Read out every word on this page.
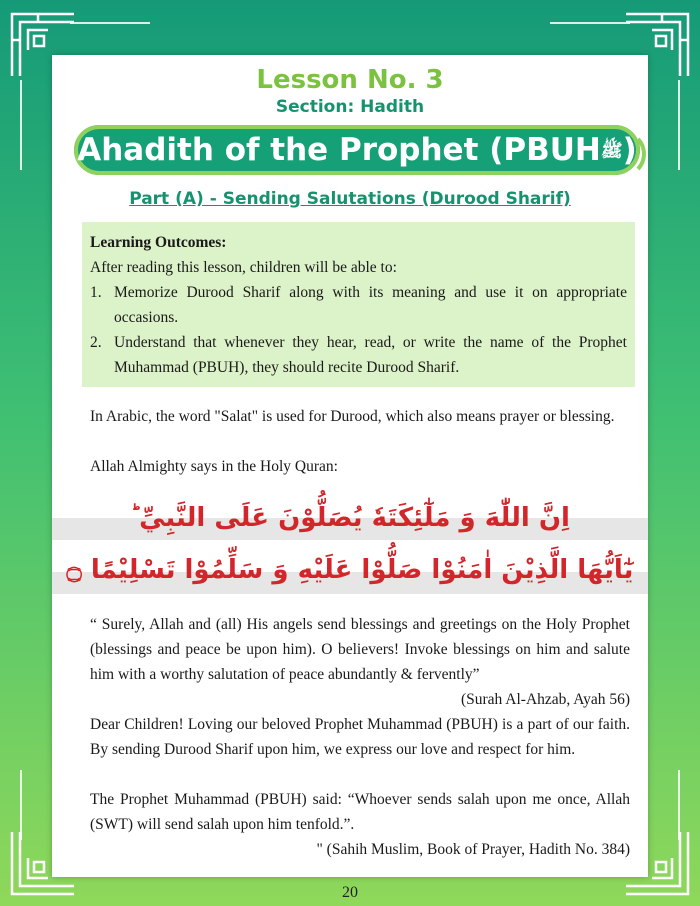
Lesson No. 3
Section: Hadith
Ahadith of the Prophet (PBUHﷺ)
Part (A) - Sending Salutations (Durood Sharif)
Learning Outcomes:
After reading this lesson, children will be able to:
1. Memorize Durood Sharif along with its meaning and use it on appropriate occasions.
2. Understand that whenever they hear, read, or write the name of the Prophet Muhammad (PBUH), they should recite Durood Sharif.

In Arabic, the word "Salat" is used for Durood, which also means prayer or blessing.

Allah Almighty says in the Holy Quran:

اِنَّ اللّٰهَ وَ مَلٰٓئِكَتَهٗ يُصَلُّوْنَ عَلَى النَّبِيِّ ؕ
يٰٓاَيُّهَا الَّذِيْنَ اٰمَنُوْا صَلُّوْا عَلَيْهِ وَ سَلِّمُوْا تَسْلِيْمًا ۝

“ Surely, Allah and (all) His angels send blessings and greetings on the Holy Prophet (blessings and peace be upon him). O believers! Invoke blessings on him and salute him with a worthy salutation of peace abundantly & fervently”

(Surah Al-Ahzab, Ayah 56)

Dear Children! Loving our beloved Prophet Muhammad (PBUH) is a part of our faith. By sending Durood Sharif upon him, we express our love and respect for him.

The Prophet Muhammad (PBUH) said: “Whoever sends salah upon me once, Allah (SWT) will send salah upon him tenfold.”.

" (Sahih Muslim, Book of Prayer, Hadith No. 384)

20
